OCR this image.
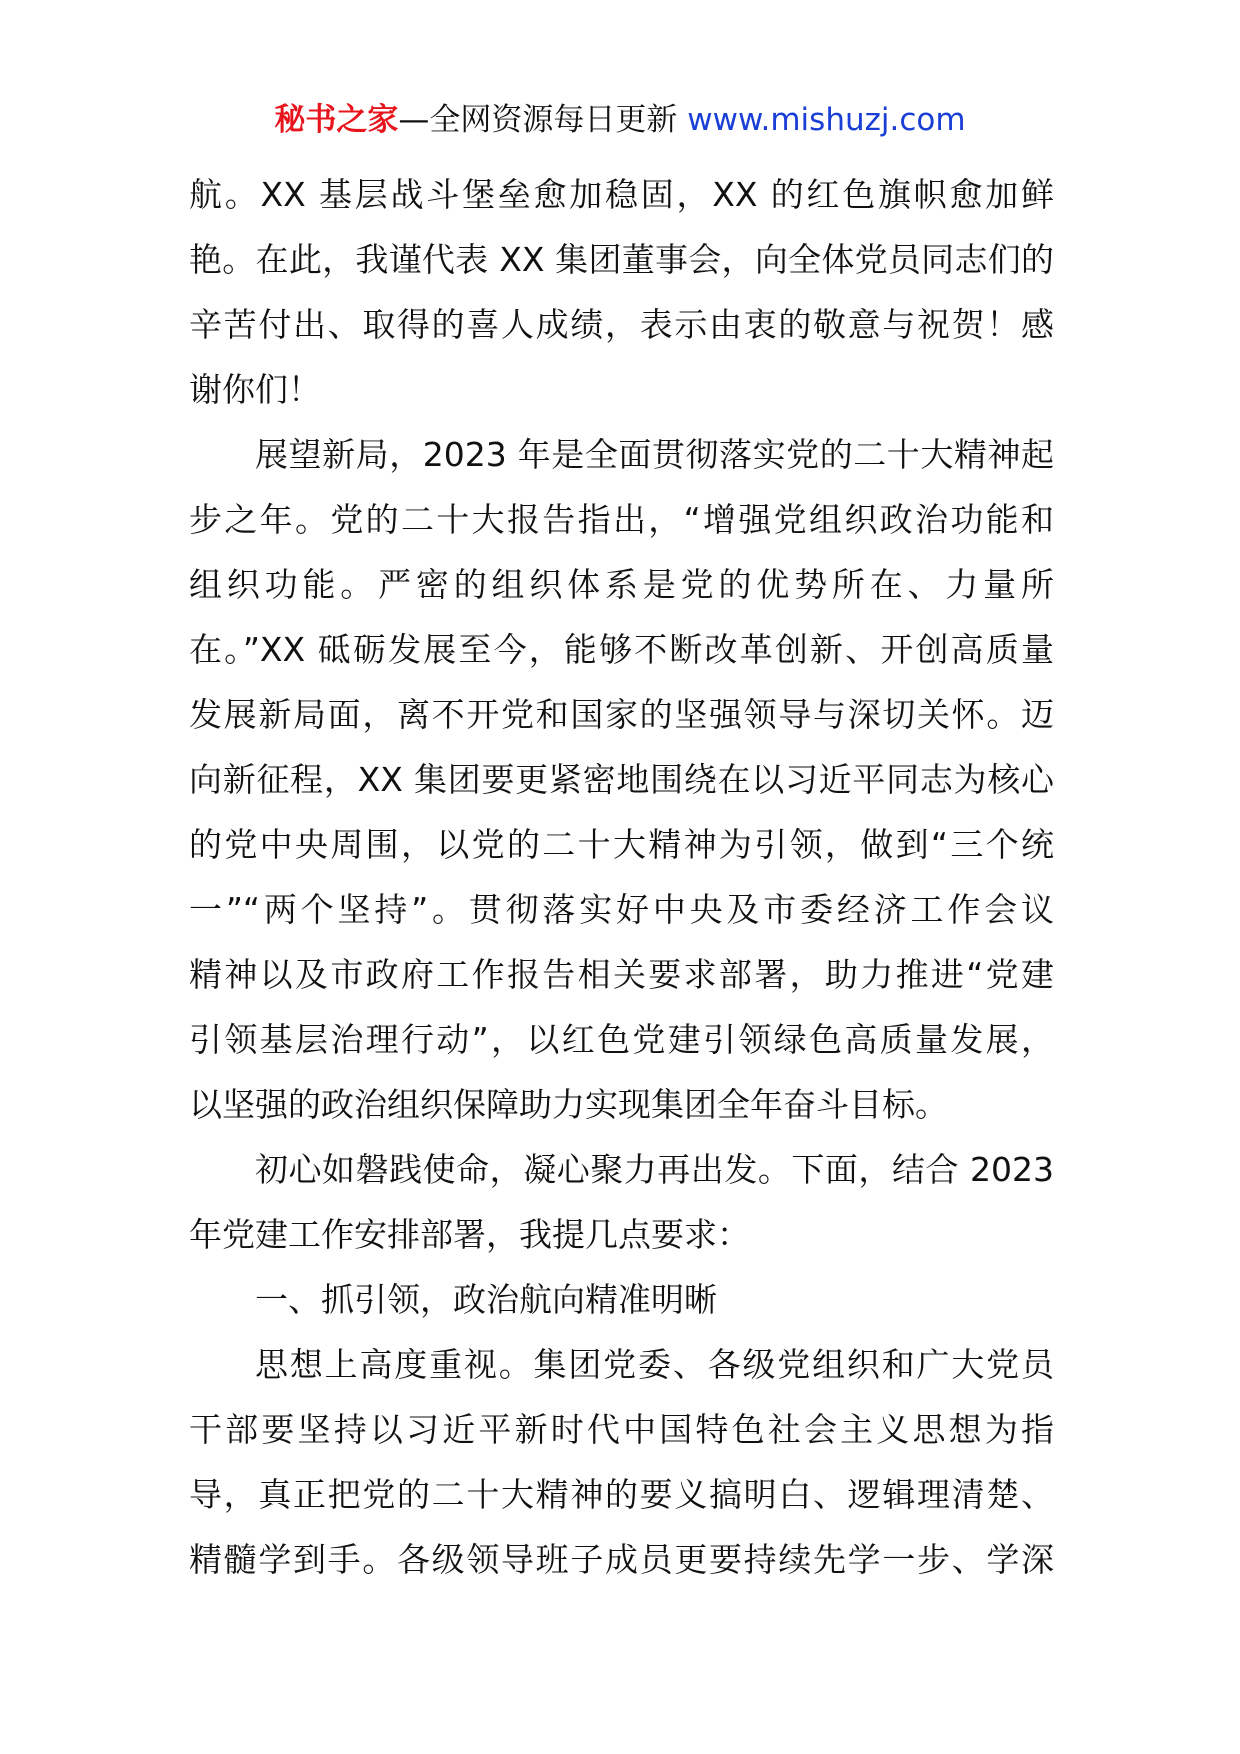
秘书之家—全网资源每日更新 www.mishuzj.com
航。XX 基层战斗堡垒愈加稳固，XX 的红色旗帜愈加鲜
艳。在此，我谨代表 XX 集团董事会，向全体党员同志们的
辛苦付出、取得的喜人成绩，表示由衷的敬意与祝贺！感
谢你们！
展望新局，2023 年是全面贯彻落实党的二十大精神起
步之年。党的二十大报告指出，“增强党组织政治功能和
组织功能。严密的组织体系是党的优势所在、力量所
在。”XX 砥砺发展至今，能够不断改革创新、开创高质量
发展新局面，离不开党和国家的坚强领导与深切关怀。迈
向新征程，XX 集团要更紧密地围绕在以习近平同志为核心
的党中央周围，以党的二十大精神为引领，做到“三个统
一”“两个坚持”。贯彻落实好中央及市委经济工作会议
精神以及市政府工作报告相关要求部署，助力推进“党建
引领基层治理行动”，以红色党建引领绿色高质量发展，
以坚强的政治组织保障助力实现集团全年奋斗目标。
初心如磐践使命，凝心聚力再出发。下面，结合 2023
年党建工作安排部署，我提几点要求：
一、抓引领，政治航向精准明晰
思想上高度重视。集团党委、各级党组织和广大党员
干部要坚持以习近平新时代中国特色社会主义思想为指
导，真正把党的二十大精神的要义搞明白、逻辑理清楚、
精髓学到手。各级领导班子成员更要持续先学一步、学深
